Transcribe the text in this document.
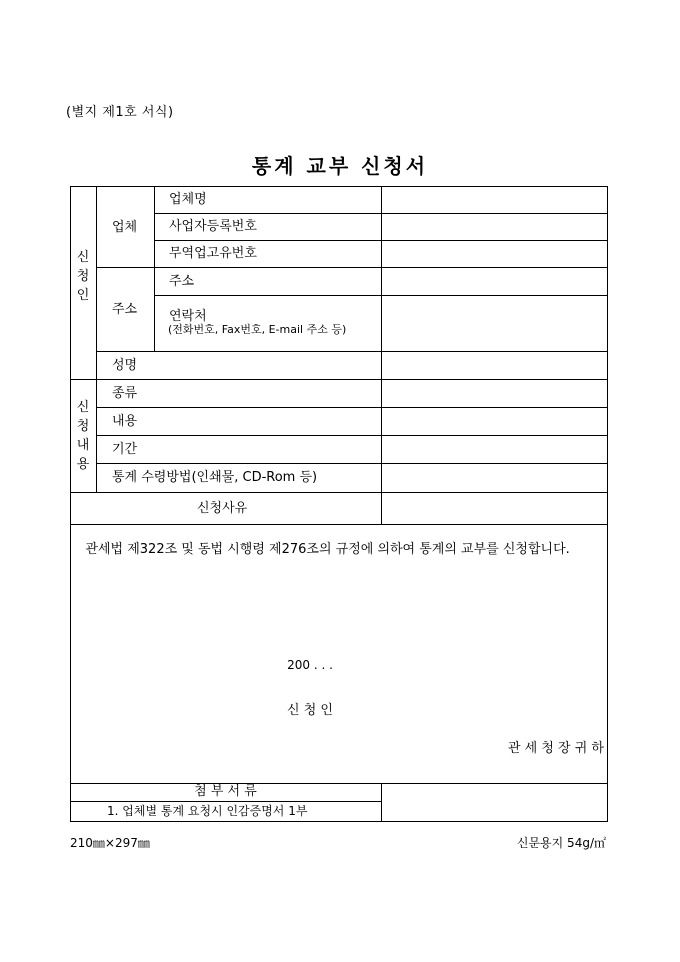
(별지 제1호 서식)
통계 교부 신청서
신
청
인
신
청
내
용
업체
주소
업체명
사업자등록번호
무역업고유번호
주소
연락처
(전화번호, Fax번호, E-mail 주소 등)
성명
종류
내용
기간
통계 수령방법(인쇄물, CD-Rom 등)
신청사유
관세법 제322조 및 동법 시행령 제276조의 규정에 의하여 통계의 교부를 신청합니다.
200 . . .
신 청 인
관 세 청 장 귀 하
첨 부 서 류
1. 업체별 통계 요청시 인감증명서 1부
210㎜×297㎜	신문용지 54g/㎡
